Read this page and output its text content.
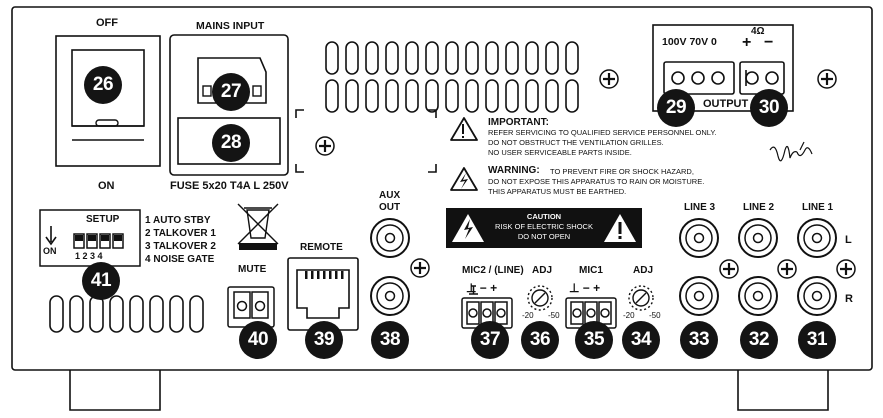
CAUTION
RISK OF ELECTRIC SHOCK
DO NOT OPEN
OFF
ON
MAINS INPUT
FUSE 5x20 T4A L 250V
100V 70V 0
4Ω
+ −
OUTPUT
IMPORTANT:
REFER SERVICING TO QUALIFIED SERVICE PERSONNEL ONLY.
DO NOT OBSTRUCT THE VENTILATION GRILLES.
NO USER SERVICEABLE PARTS INSIDE.
WARNING: TO PREVENT FIRE OR SHOCK HAZARD,
DO NOT EXPOSE THIS APPARATUS TO RAIN OR MOISTURE.
THIS APPARATUS MUST BE EARTHED.
AUX
OUT
SETUP
1 2 3 4
ON
1 AUTO STBY
2 TALKOVER 1
3 TALKOVER 2
4 NOISE GATE
MUTE
REMOTE
MIC2 / (LINE)
⊥ − +
ADJ
-20 -50
MIC1
⊥ − +
ADJ
-20 -50
LINE 3	LINE 2	LINE 1
L
R
26	27
28
29	30
41
40	39	38	37	36	35	34	33	32	31
